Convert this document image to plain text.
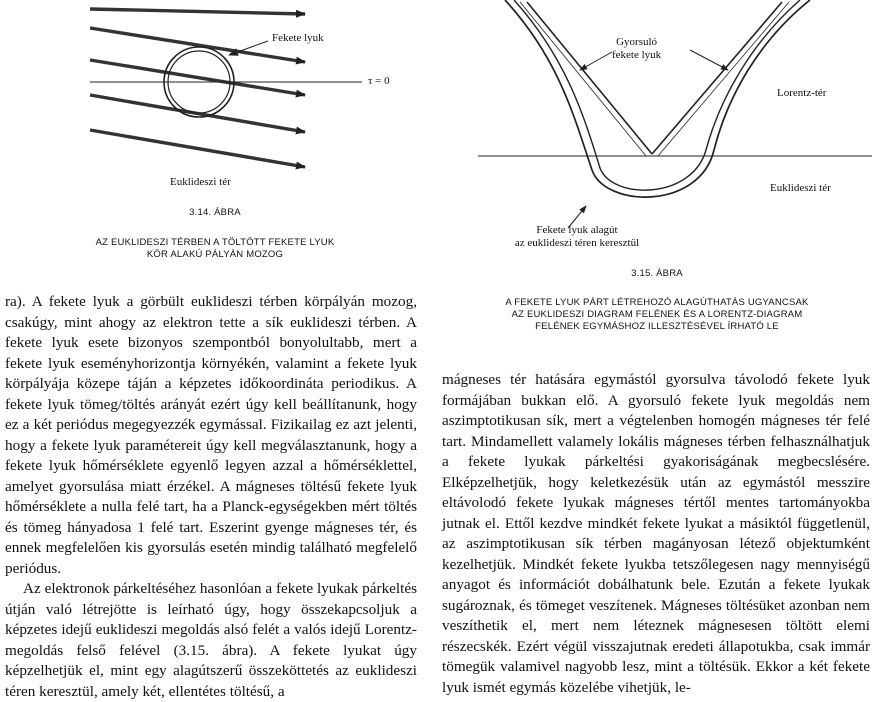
Fekete lyuk
τ = 0
Euklideszi tér
3.14. ÁBRA
AZ EUKLIDESZI TÉRBEN A TÖLTÖTT FEKETE LYUK
KÖR ALAKÚ PÁLYÁN MOZOG
Gyorsuló
fekete lyuk
Lorentz-tér
Euklideszi tér
Fekete lyuk alagút
az euklideszi téren keresztül
3.15. ÁBRA
A FEKETE LYUK PÁRT LÉTREHOZÓ ALAGÚTHATÁS UGYANCSAK
AZ EUKLIDESZI DIAGRAM FELÉNEK ÉS A LORENTZ-DIAGRAM
FELÉNEK EGYMÁSHOZ ILLESZTÉSÉVEL ÍRHATÓ LE

ra). A fekete lyuk a görbült euklideszi térben körpályán mozog, csakúgy, mint ahogy az elektron tette a sík euklideszi térben. A fekete lyuk esete bizonyos szempontból bonyolultabb, mert a fekete lyuk eseményhorizontja környékén, valamint a fekete lyuk körpályája közepe táján a képzetes időkoordináta periodikus. A fekete lyuk tömeg/töltés arányát ezért úgy kell beállítanunk, hogy ez a két periódus megegyezzék egymással. Fizikailag ez azt jelenti, hogy a fekete lyuk paramétereit úgy kell megválasztanunk, hogy a fekete lyuk hőmérséklete egyenlő legyen azzal a hőmérséklettel, amelyet gyorsulása miatt érzékel. A mágneses töltésű fekete lyuk hőmérséklete a nulla felé tart, ha a Planck-egységekben mért töltés és tömeg hányadosa 1 felé tart. Eszerint gyenge mágneses tér, és ennek megfelelően kis gyorsulás esetén mindig található megfelelő periódus.

Az elektronok párkeltéséhez hasonlóan a fekete lyukak párkeltés útján való létrejötte is leírható úgy, hogy összekapcsoljuk a képzetes idejű euklideszi megoldás alsó felét a valós idejű Lorentz-megoldás felső felével (3.15. ábra). A fekete lyukat úgy képzelhetjük el, mint egy alagútszerű összeköttetés az euklideszi téren keresztül, amely két, ellentétes töltésű, a

mágneses tér hatására egymástól gyorsulva távolodó fekete lyuk formájában bukkan elő. A gyorsuló fekete lyuk megoldás nem aszimptotikusan sík, mert a végtelenben homogén mágneses tér felé tart. Mindamellett valamely lokális mágneses térben felhasználhatjuk a fekete lyukak párkeltési gyakoriságának megbecslésére. Elképzelhetjük, hogy keletkezésük után az egymástól messzire eltávolodó fekete lyukak mágneses tértől mentes tartományokba jutnak el. Ettől kezdve mindkét fekete lyukat a másiktól függetlenül, az aszimptotikusan sík térben magányosan létező objektumként kezelhetjük. Mindkét fekete lyukba tetszőlegesen nagy mennyiségű anyagot és információt dobálhatunk bele. Ezután a fekete lyukak sugároznak, és tömeget veszítenek. Mágneses töltésüket azonban nem veszíthetik el, mert nem léteznek mágnesesen töltött elemi részecskék. Ezért végül visszajutnak eredeti állapotukba, csak immár tömegük valamivel nagyobb lesz, mint a töltésük. Ekkor a két fekete lyuk ismét egymás közelébe vihetjük, le-
